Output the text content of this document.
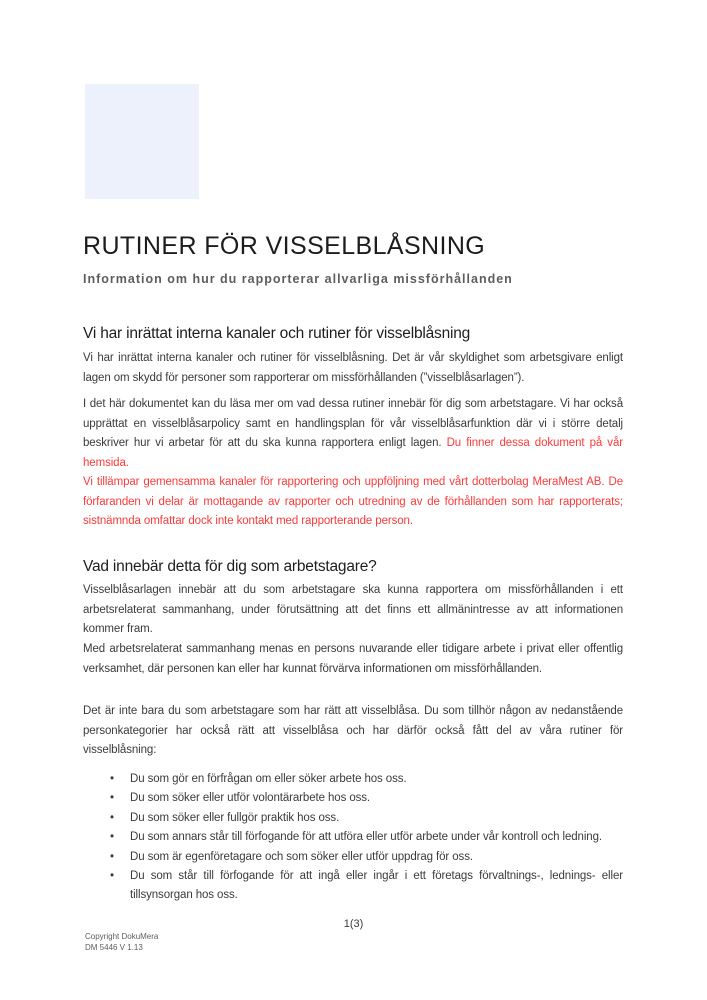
RUTINER FÖR VISSELBLÅSNING
Information om hur du rapporterar allvarliga missförhållanden
Vi har inrättat interna kanaler och rutiner för visselblåsning

Vi har inrättat interna kanaler och rutiner för visselblåsning. Det är vår skyldighet som arbetsgivare enligt lagen om skydd för personer som rapporterar om missförhållanden (”visselblåsarlagen”).

I det här dokumentet kan du läsa mer om vad dessa rutiner innebär för dig som arbetstagare. Vi har också upprättat en visselblåsarpolicy samt en handlingsplan för vår visselblåsarfunktion där vi i större detalj beskriver hur vi arbetar för att du ska kunna rapportera enligt lagen. Du finner dessa dokument på vår hemsida.

Vi tillämpar gemensamma kanaler för rapportering och uppföljning med vårt dotterbolag MeraMest AB. De förfaranden vi delar är mottagande av rapporter och utredning av de förhållanden som har rapporterats; sistnämnda omfattar dock inte kontakt med rapporterande person.

Vad innebär detta för dig som arbetstagare?

Visselblåsarlagen innebär att du som arbetstagare ska kunna rapportera om missförhållanden i ett arbetsrelaterat sammanhang, under förutsättning att det finns ett allmänintresse av att informationen kommer fram.

Med arbetsrelaterat sammanhang menas en persons nuvarande eller tidigare arbete i privat eller offentlig verksamhet, där personen kan eller har kunnat förvärva informationen om missförhållanden.

Det är inte bara du som arbetstagare som har rätt att visselblåsa. Du som tillhör någon av nedanstående personkategorier har också rätt att visselblåsa och har därför också fått del av våra rutiner för visselblåsning:

• Du som gör en förfrågan om eller söker arbete hos oss.
• Du som söker eller utför volontärarbete hos oss.
• Du som söker eller fullgör praktik hos oss.
• Du som annars står till förfogande för att utföra eller utför arbete under vår kontroll och ledning.
• Du som är egenföretagare och som söker eller utför uppdrag för oss.
• Du som står till förfogande för att ingå eller ingår i ett företags förvaltnings-, lednings- eller tillsynsorgan hos oss.
1(3)
Copyright DokuMera
DM 5446 V 1.13
